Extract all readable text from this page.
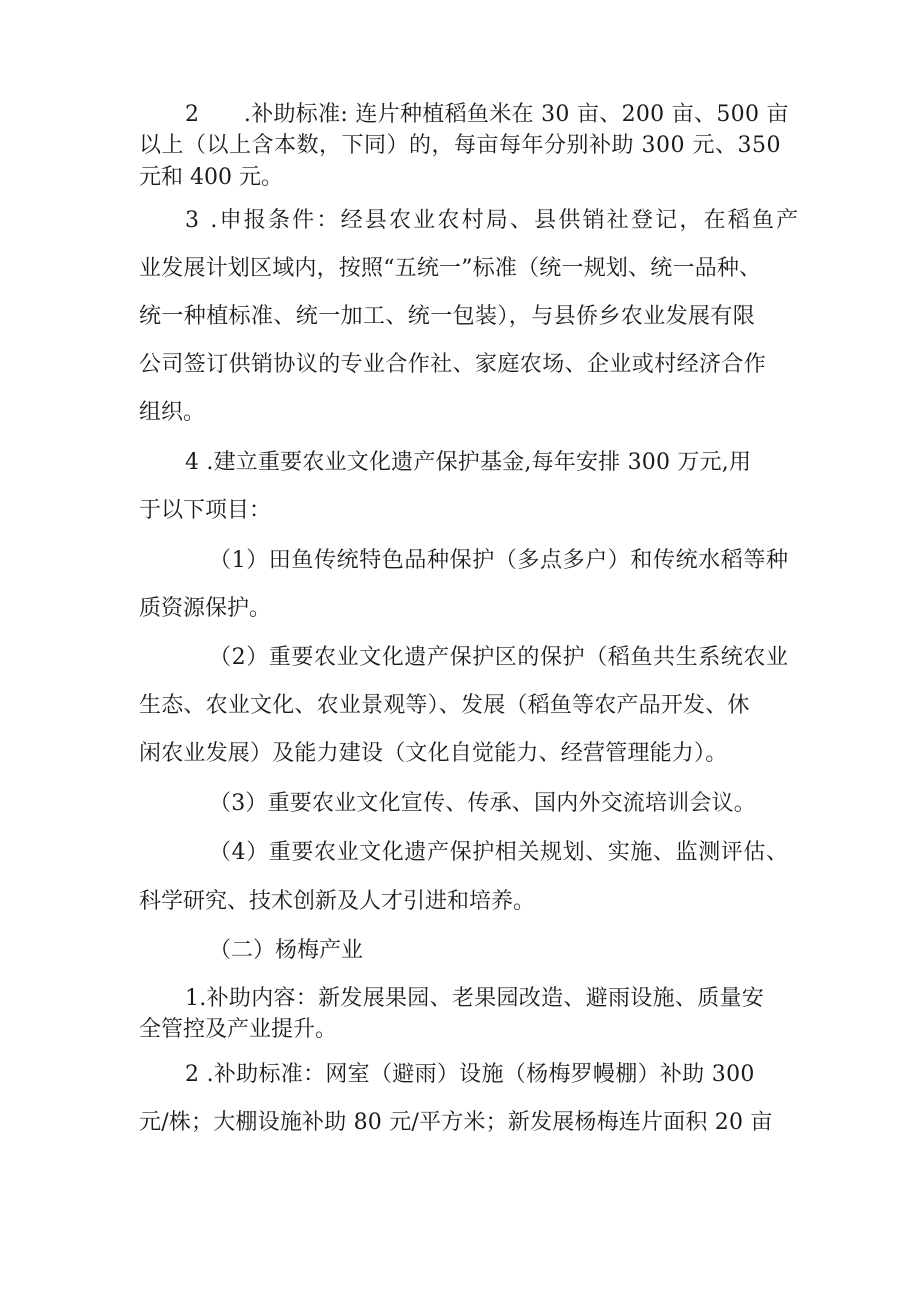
2　　.补助标准: 连片种植稻鱼米在 30 亩、200 亩、500 亩
以上（以上含本数，下同）的，每亩每年分别补助 300 元、350
元和 400 元。
3 .申报条件：经县农业农村局、县供销社登记，在稻鱼产
业发展计划区域内，按照“五统一”标准（统一规划、统一品种、
统一种植标准、统一加工、统一包装），与县侨乡农业发展有限
公司签订供销协议的专业合作社、家庭农场、企业或村经济合作
组织。
4 .建立重要农业文化遗产保护基金,每年安排 300 万元,用
于以下项目：
（1）田鱼传统特色品种保护（多点多户）和传统水稻等种
质资源保护。
（2）重要农业文化遗产保护区的保护（稻鱼共生系统农业
生态、农业文化、农业景观等）、发展（稻鱼等农产品开发、休
闲农业发展）及能力建设（文化自觉能力、经营管理能力）。
（3）重要农业文化宣传、传承、国内外交流培训会议。
（4）重要农业文化遗产保护相关规划、实施、监测评估、
科学研究、技术创新及人才引进和培养。
（二）杨梅产业
1.补助内容：新发展果园、老果园改造、避雨设施、质量安
全管控及产业提升。
2 .补助标准：网室（避雨）设施（杨梅罗幔棚）补助 300
元/株；大棚设施补助 80 元/平方米；新发展杨梅连片面积 20 亩
